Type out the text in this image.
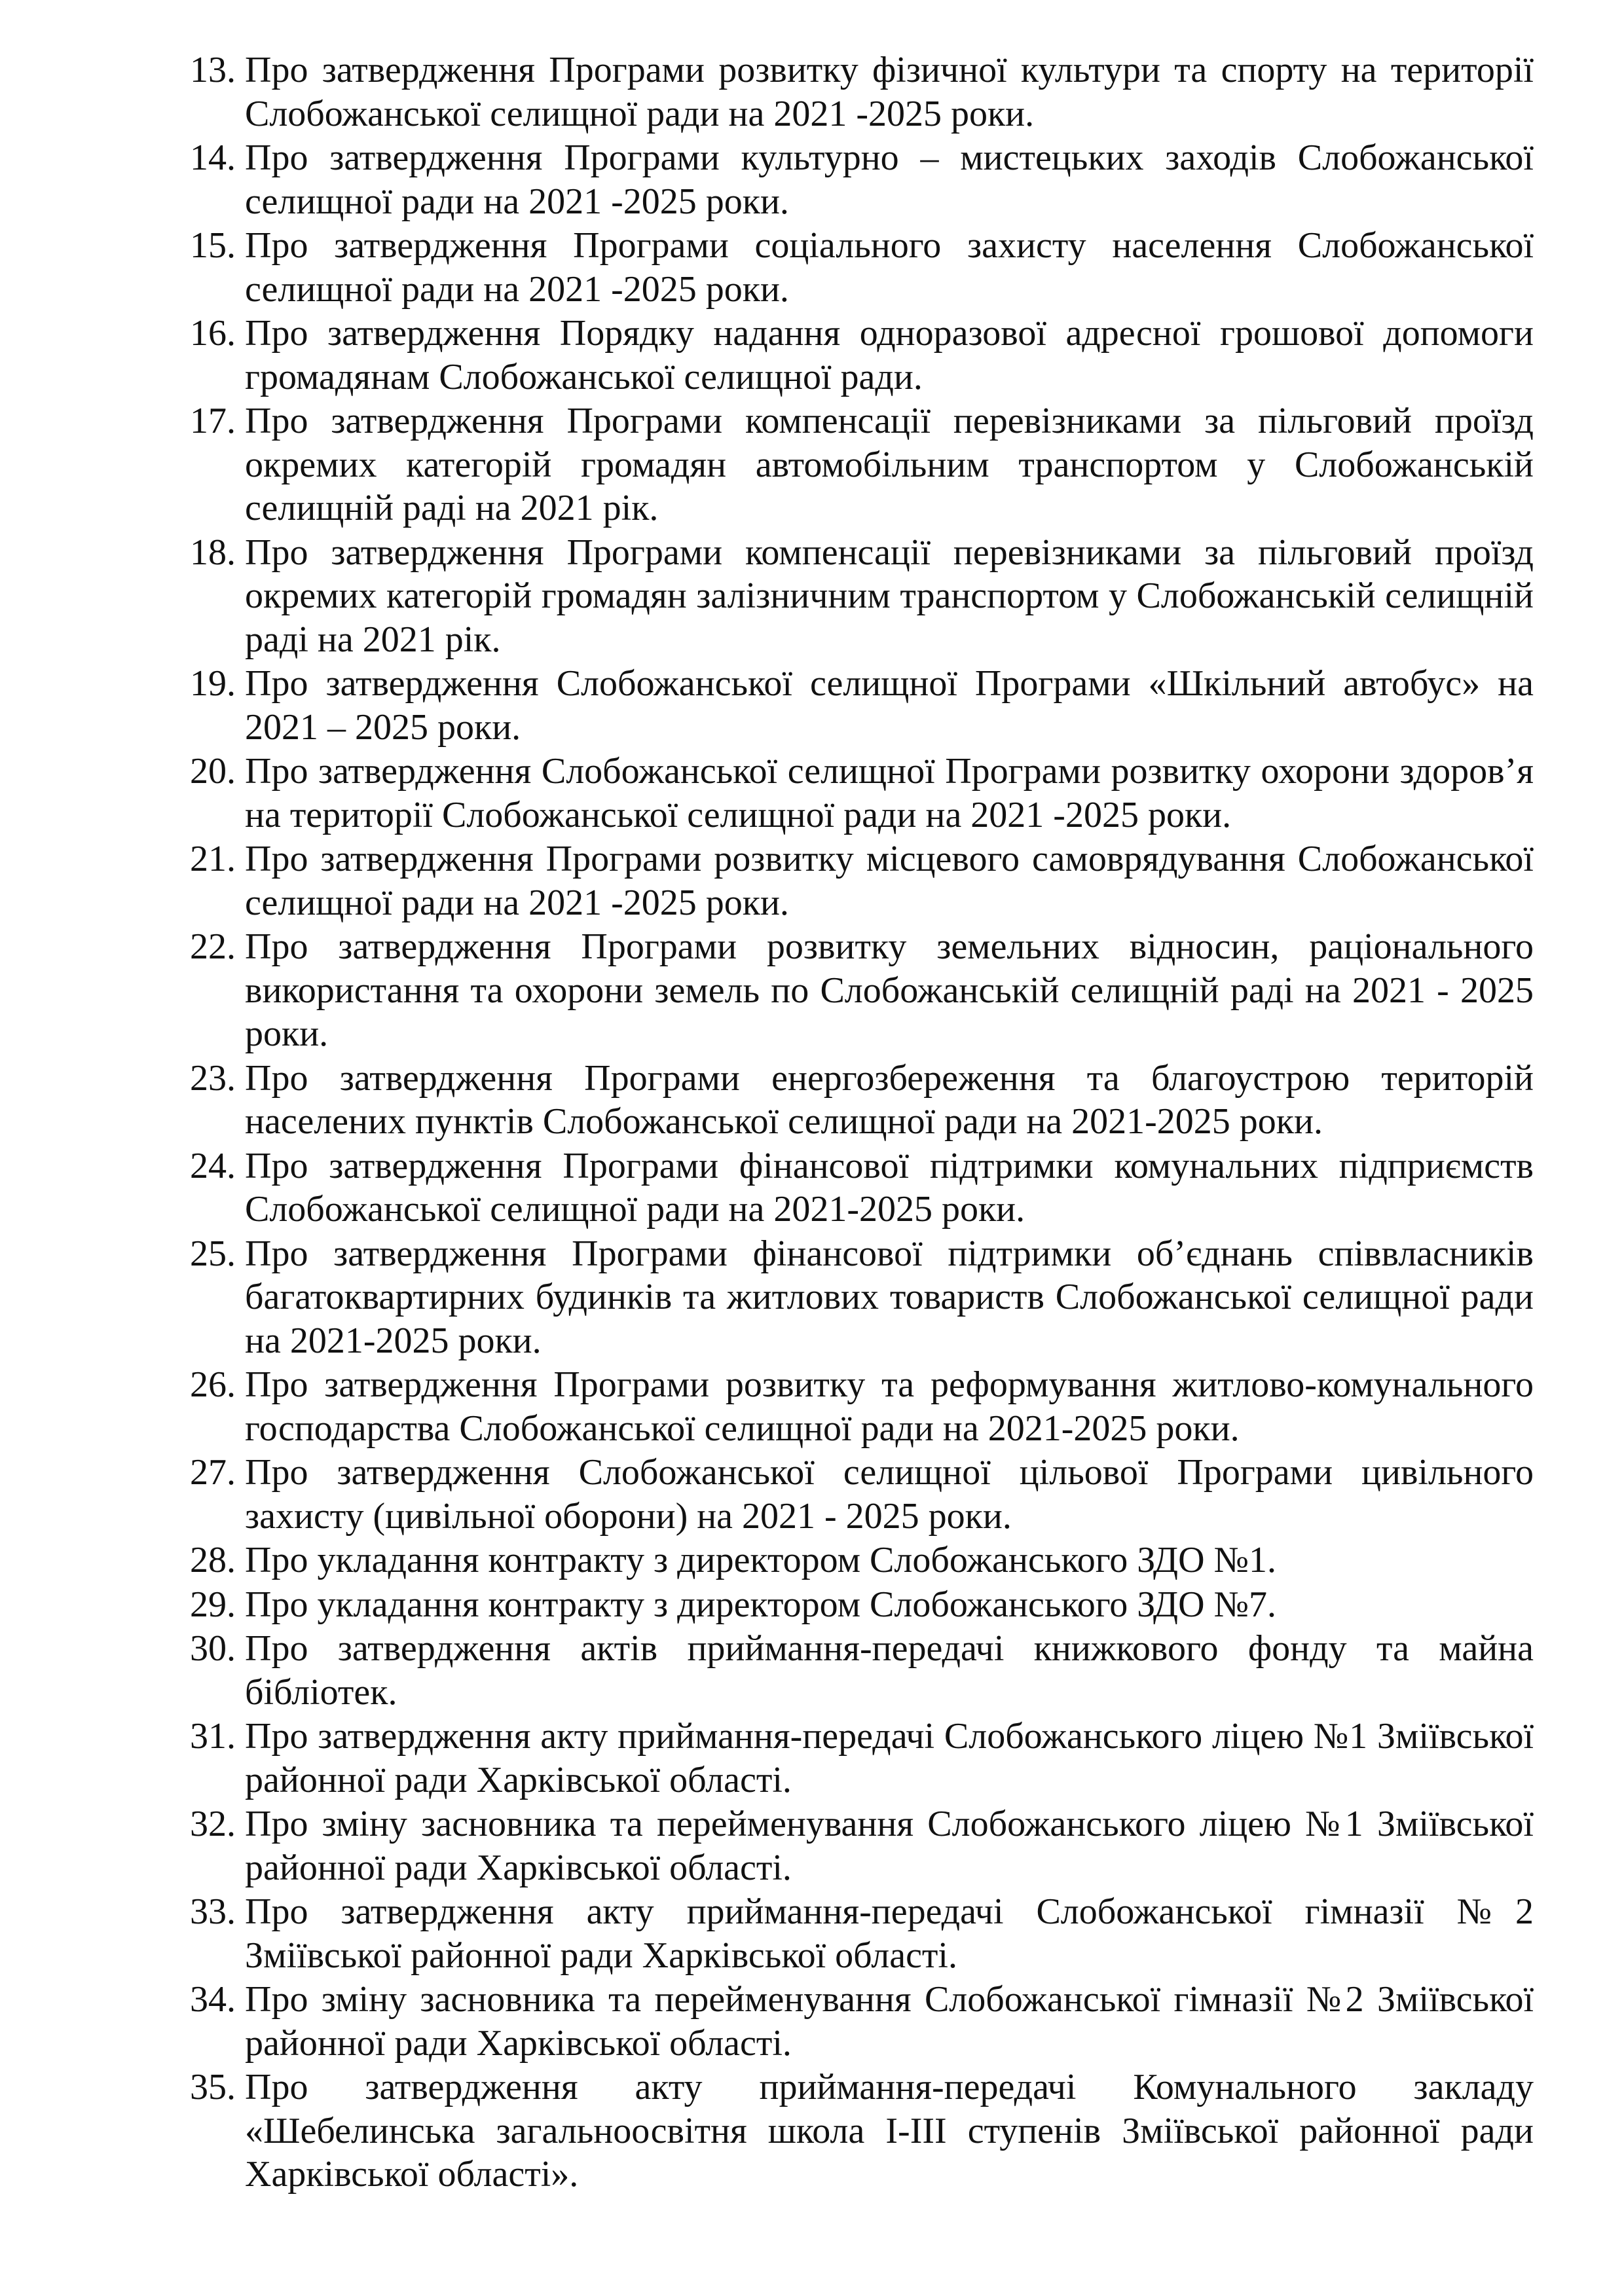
13. Про затвердження Програми розвитку фізичної культури та спорту на території Слобожанської селищної ради на 2021 -2025 роки.
14. Про затвердження Програми культурно – мистецьких заходів Слобожанської селищної ради на 2021 -2025 роки.
15. Про затвердження Програми соціального захисту населення Слобожанської селищної ради на 2021 -2025 роки.
16. Про затвердження Порядку надання одноразової адресної грошової допомоги громадянам Слобожанської селищної ради.
17. Про затвердження Програми компенсації перевізниками за пільговий проїзд окремих категорій громадян автомобільним транспортом у Слобожанській селищній раді на 2021 рік.
18. Про затвердження Програми компенсації перевізниками за пільговий проїзд окремих категорій громадян залізничним транспортом у Слобожанській селищній раді на 2021 рік.
19. Про затвердження Слобожанської селищної Програми «Шкільний автобус» на 2021 – 2025 роки.
20. Про затвердження Слобожанської селищної Програми розвитку охорони здоров’я на території Слобожанської селищної ради на 2021 -2025 роки.
21. Про затвердження Програми розвитку місцевого самоврядування Слобожанської селищної ради на 2021 -2025 роки.
22. Про затвердження Програми розвитку земельних відносин, раціонального використання та охорони земель по Слобожанській селищній раді на 2021 - 2025 роки.
23. Про затвердження Програми енергозбереження та благоустрою територій населених пунктів Слобожанської селищної ради на 2021-2025 роки.
24. Про затвердження Програми фінансової підтримки комунальних підприємств Слобожанської селищної ради на 2021-2025 роки.
25. Про затвердження Програми фінансової підтримки об’єднань співвласників багатоквартирних будинків та житлових товариств Слобожанської селищної ради на 2021-2025 роки.
26. Про затвердження Програми розвитку та реформування житлово-комунального господарства Слобожанської селищної ради на 2021-2025 роки.
27. Про затвердження Слобожанської селищної цільової Програми цивільного захисту (цивільної оборони) на 2021 - 2025 роки.
28. Про укладання контракту з директором Слобожанського ЗДО №1.
29. Про укладання контракту з директором Слобожанського ЗДО №7.
30. Про затвердження актів приймання-передачі книжкового фонду та майна бібліотек.
31. Про затвердження акту приймання-передачі Слобожанського ліцею №1 Зміївської районної ради Харківської області.
32. Про зміну засновника та перейменування Слобожанського ліцею №1 Зміївської районної ради Харківської області.
33. Про затвердження акту приймання-передачі Слобожанської гімназії №2 Зміївської районної ради Харківської області.
34. Про зміну засновника та перейменування Слобожанської гімназії №2 Зміївської районної ради Харківської області.
35. Про затвердження акту приймання-передачі Комунального закладу «Шебелинська загальноосвітня школа І-ІІІ ступенів Зміївської районної ради Харківської області».
